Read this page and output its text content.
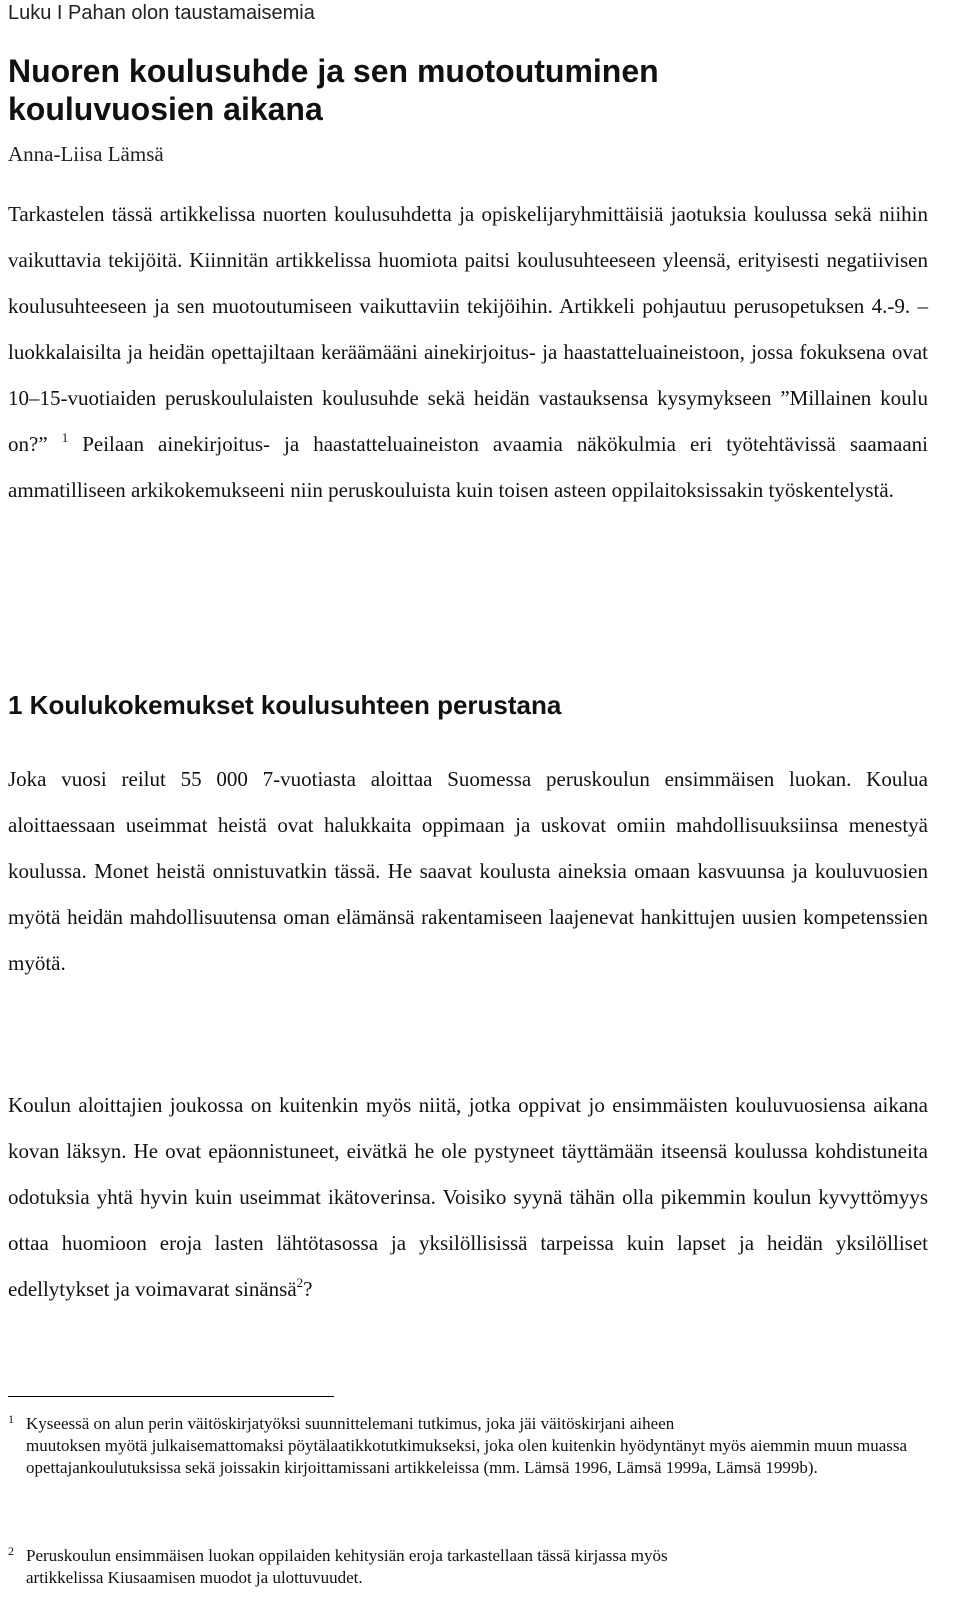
Luku I Pahan olon taustamaisemia
Nuoren koulusuhde ja sen muotoutuminen
kouluvuosien aikana
Anna-Liisa Lämsä

Tarkastelen tässä artikkelissa nuorten koulusuhdetta ja opiskelijaryhmittäisiä jaotuksia koulussa sekä niihin vaikuttavia tekijöitä. Kiinnitän artikkelissa huomiota paitsi koulusuhteeseen yleensä, erityisesti negatiivisen koulusuhteeseen ja sen muotoutumiseen vaikuttaviin tekijöihin. Artikkeli pohjautuu perusopetuksen 4.-9. – luokkalaisilta ja heidän opettajiltaan keräämääni ainekirjoitus- ja haastatteluaineistoon, jossa fokuksena ovat 10–15-vuotiaiden peruskoululaisten koulusuhde sekä heidän vastauksensa kysymykseen ”Millainen koulu on?” $^1$ Peilaan ainekirjoitus- ja haastatteluaineiston avaamia näkökulmia eri työtehtävissä saamaani ammatilliseen arkikokemukseeni niin peruskouluista kuin toisen asteen oppilaitoksissakin työskentelystä.

1 Koulukokemukset koulusuhteen perustana

Joka vuosi reilut 55 000 7-vuotiasta aloittaa Suomessa peruskoulun ensimmäisen luokan. Koulua aloittaessaan useimmat heistä ovat halukkaita oppimaan ja uskovat omiin mahdollisuuksiinsa menestyä koulussa. Monet heistä onnistuvatkin tässä. He saavat koulusta aineksia omaan kasvuunsa ja kouluvuosien myötä heidän mahdollisuutensa oman elämänsä rakentamiseen laajenevat hankittujen uusien kompetenssien myötä.

Koulun aloittajien joukossa on kuitenkin myös niitä, jotka oppivat jo ensimmäisten kouluvuosiensa aikana kovan läksyn. He ovat epäonnistuneet, eivätkä he ole pystyneet täyttämään itseensä koulussa kohdistuneita odotuksia yhtä hyvin kuin useimmat ikätoverinsa. Voisiko syynä tähän olla pikemmin koulun kyvyttömyys ottaa huomioon eroja lasten lähtötasossa ja yksilöllisissä tarpeissa kuin lapset ja heidän yksilölliset edellytykset ja voimavarat sinänsä$^2$?

1 Kyseessä on alun perin väitöskirjatyöksi suunnittelemani tutkimus, joka jäi väitöskirjani aiheen
muutoksen myötä julkaisemattomaksi pöytälaatikkotutkimukseksi, joka olen kuitenkin hyödyntänyt myös aiemmin muun muassa opettajankoulutuksissa sekä joissakin kirjoittamissani artikkeleissa (mm. Lämsä 1996, Lämsä 1999a, Lämsä 1999b).
2 Peruskoulun ensimmäisen luokan oppilaiden kehitysiän eroja tarkastellaan tässä kirjassa myös
artikkelissa Kiusaamisen muodot ja ulottuvuudet.
